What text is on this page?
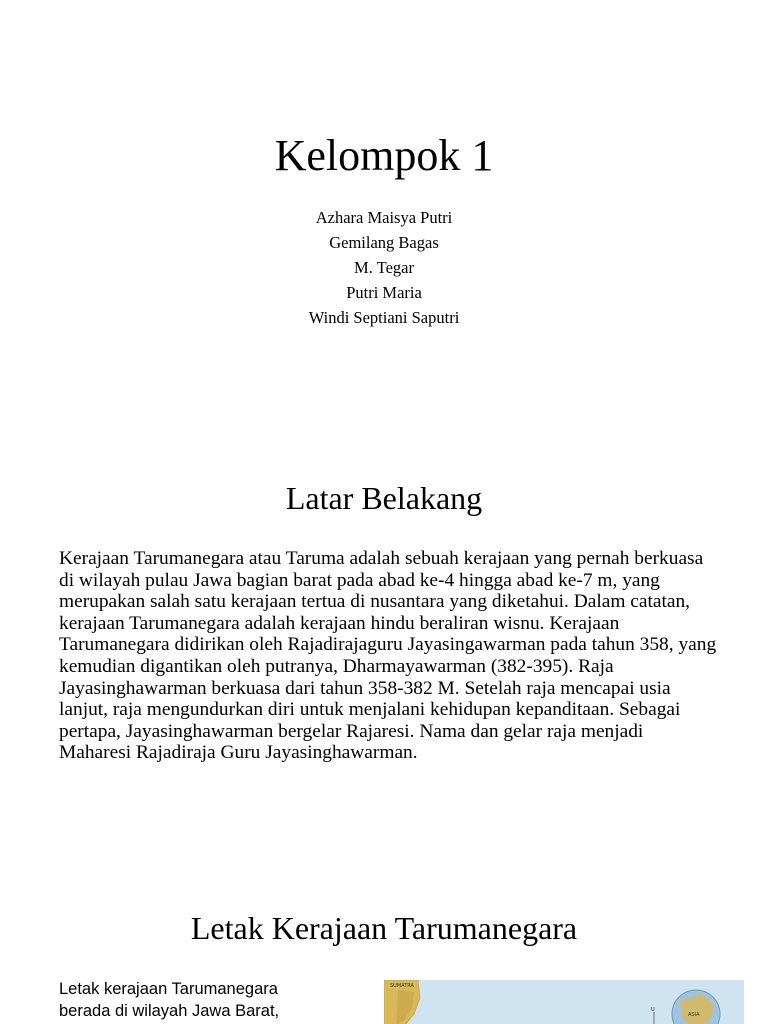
Kelompok 1
Azhara Maisya Putri
Gemilang Bagas
M. Tegar
Putri Maria
Windi Septiani Saputri
Latar Belakang
Kerajaan Tarumanegara atau Taruma adalah sebuah kerajaan yang pernah berkuasa di wilayah pulau Jawa bagian barat pada abad ke-4 hingga abad ke-7 m, yang merupakan salah satu kerajaan tertua di nusantara yang diketahui. Dalam catatan, kerajaan Tarumanegara adalah kerajaan hindu beraliran wisnu. Kerajaan Tarumanegara didirikan oleh Rajadirajaguru Jayasingawarman pada tahun 358, yang kemudian digantikan oleh putranya, Dharmayawarman (382-395). Raja Jayasinghawarman berkuasa dari tahun 358-382 M. Setelah raja mencapai usia lanjut, raja mengundurkan diri untuk menjalani kehidupan kepanditaan. Sebagai pertapa, Jayasinghawarman bergelar Rajaresi. Nama dan gelar raja menjadi Maharesi Rajadiraja Guru Jayasinghawarman.
Letak Kerajaan Tarumanegara
Letak kerajaan Tarumanegara berada di wilayah Jawa Barat,
SUMATRA
U
ASIA
